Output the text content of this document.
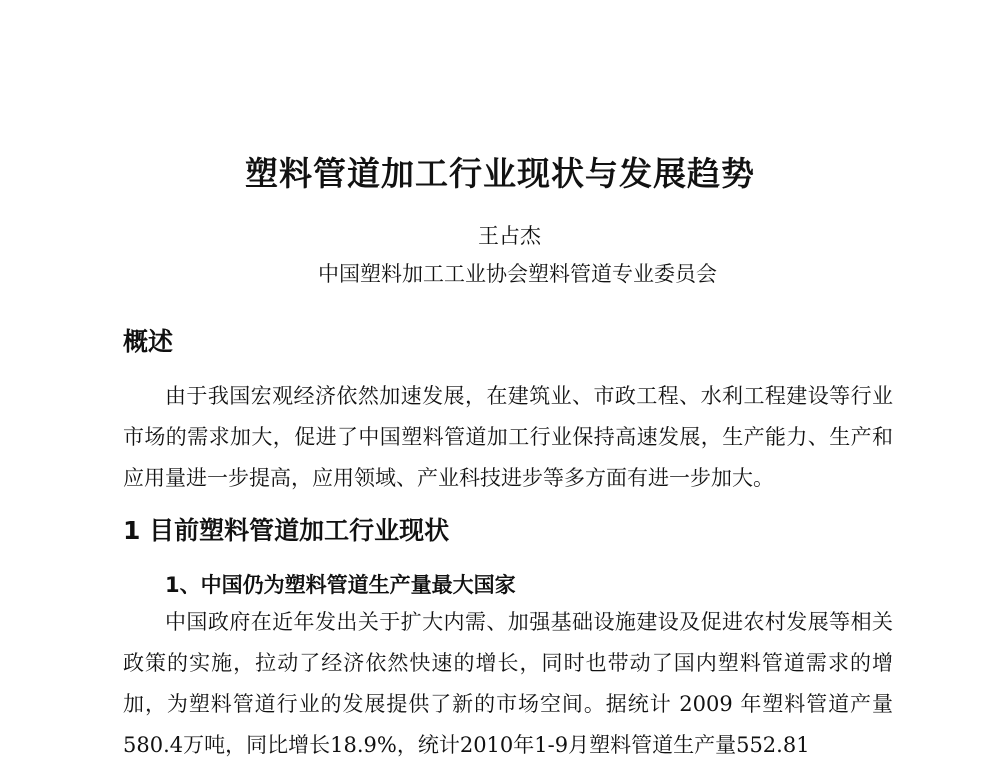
塑料管道加工行业现状与发展趋势

王占杰

中国塑料加工工业协会塑料管道专业委员会

概述

由于我国宏观经济依然加速发展，在建筑业、市政工程、水利工程建设等行业市场的需求加大，促进了中国塑料管道加工行业保持高速发展，生产能力、生产和应用量进一步提高，应用领域、产业科技进步等多方面有进一步加大。

1 目前塑料管道加工行业现状
1、中国仍为塑料管道生产量最大国家

中国政府在近年发出关于扩大内需、加强基础设施建设及促进农村发展等相关政策的实施，拉动了经济依然快速的增长，同时也带动了国内塑料管道需求的增加，为塑料管道行业的发展提供了新的市场空间。据统计 2009 年塑料管道产量580.4万吨，同比增长18.9%，统计2010年1-9月塑料管道生产量552.81
